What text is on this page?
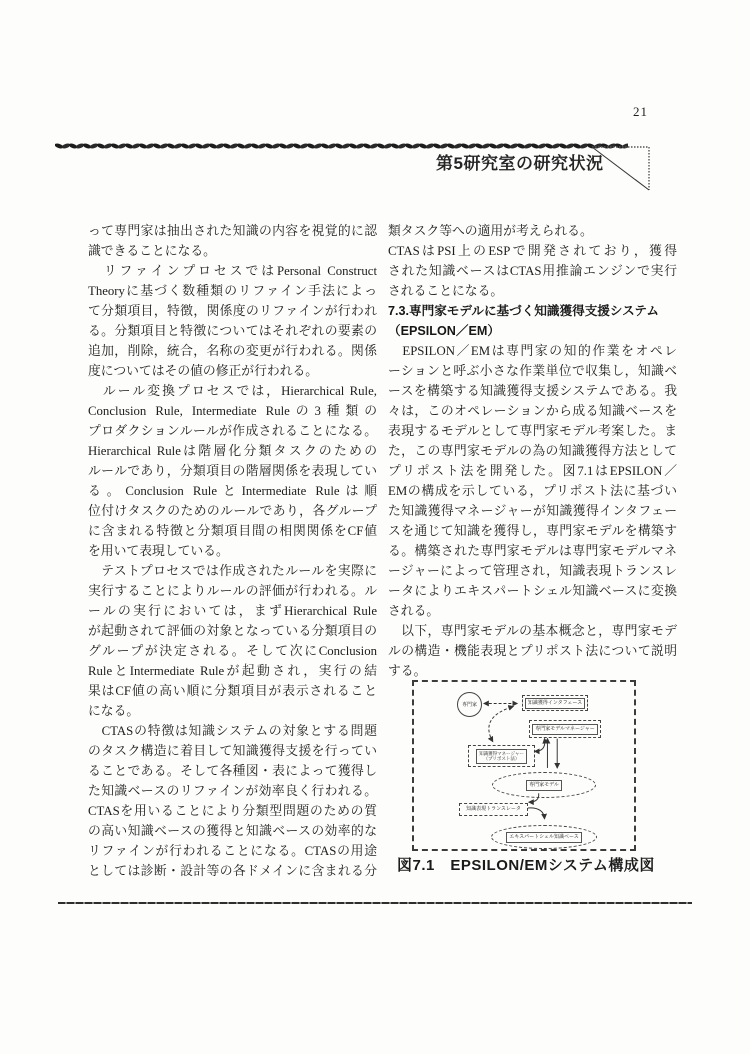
21
第5研究室の研究状況
って専門家は抽出された知識の内容を視覚的に認
識できることになる。
　リファインプロセスではPersonal Construct
Theoryに基づく数種類のリファイン手法によっ
て分類項目，特徴，関係度のリファインが行われ
る。分類項目と特徴についてはそれぞれの要素の
追加，削除，統合，名称の変更が行われる。関係
度についてはその値の修正が行われる。
　ルール変換プロセスでは，Hierarchical Rule,
Conclusion Rule, Intermediate Ruleの3種類の
プロダクションルールが作成されることになる。
Hierarchical Ruleは階層化分類タスクのための
ルールであり，分類項目の階層関係を表現してい
る。Conclusion RuleとIntermediate Ruleは順
位付けタスクのためのルールであり，各グループ
に含まれる特徴と分類項目間の相関関係をCF値
を用いて表現している。
　テストプロセスでは作成されたルールを実際に
実行することによりルールの評価が行われる。ル
ールの実行においては，まずHierarchical Rule
が起動されて評価の対象となっている分類項目の
グループが決定される。そして次にConclusion
RuleとIntermediate Ruleが起動され，実行の結
果はCF値の高い順に分類項目が表示されること
になる。
　CTASの特徴は知識システムの対象とする問題
のタスク構造に着目して知識獲得支援を行ってい
ることである。そして各種図・表によって獲得し
た知識ベースのリファインが効率良く行われる。
CTASを用いることにより分類型問題のための質
の高い知識ベースの獲得と知識ベースの効率的な
リファインが行われることになる。CTASの用途
としては診断・設計等の各ドメインに含まれる分
類タスク等への適用が考えられる。
CTASはPSI上のESPで開発されており，獲得
された知識ベースはCTAS用推論エンジンで実行
されることになる。
7.3.専門家モデルに基づく知識獲得支援システム
（EPSILON／EM）
　EPSILON／EMは専門家の知的作業をオペレ
ーションと呼ぶ小さな作業単位で収集し，知識ベ
ースを構築する知識獲得支援システムである。我
々は，このオペレーションから成る知識ベースを
表現するモデルとして専門家モデル考案した。ま
た，この専門家モデルの為の知識獲得方法として
プリポスト法を開発した。図7.1はEPSILON／
EMの構成を示している，プリポスト法に基づい
た知識獲得マネージャーが知識獲得インタフェー
スを通じて知識を獲得し，専門家モデルを構築す
る。構築された専門家モデルは専門家モデルマネ
ージャーによって管理され，知識表現トランスレ
ータによりエキスパートシェル知識ベースに変換
される。
　以下，専門家モデルの基本概念と，専門家モデ
ルの構造・機能表現とプリポスト法について説明
する。
専門家	知識獲得インタフェース
専門家モデルマネージャー
知識獲得マネージャー
（プリポスト法）
専門家モデル
知識表現トランスレータ
エキスパートシェル知識ベース
図7.1　EPSILON/EMシステム構成図
